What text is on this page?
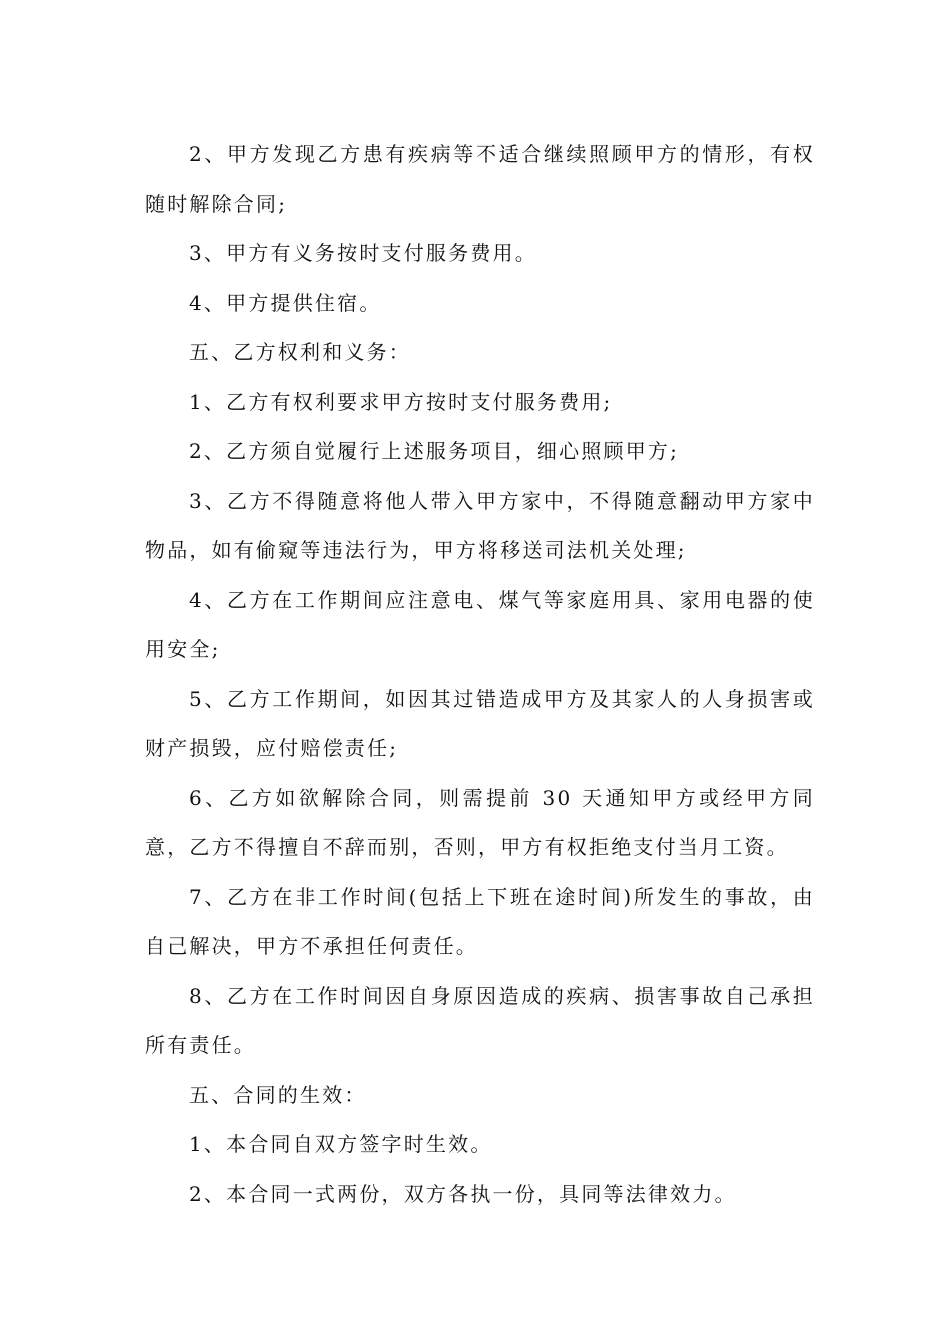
2、甲方发现乙方患有疾病等不适合继续照顾甲方的情形，有权随时解除合同;

3、甲方有义务按时支付服务费用。

4、甲方提供住宿。

五、乙方权利和义务：

1、乙方有权利要求甲方按时支付服务费用;

2、乙方须自觉履行上述服务项目，细心照顾甲方;

3、乙方不得随意将他人带入甲方家中，不得随意翻动甲方家中物品，如有偷窥等违法行为，甲方将移送司法机关处理;

4、乙方在工作期间应注意电、煤气等家庭用具、家用电器的使用安全;

5、乙方工作期间，如因其过错造成甲方及其家人的人身损害或财产损毁，应付赔偿责任;

6、乙方如欲解除合同，则需提前 30 天通知甲方或经甲方同意，乙方不得擅自不辞而别，否则，甲方有权拒绝支付当月工资。

7、乙方在非工作时间(包括上下班在途时间)所发生的事故，由自己解决，甲方不承担任何责任。

8、乙方在工作时间因自身原因造成的疾病、损害事故自己承担所有责任。

五、合同的生效：

1、本合同自双方签字时生效。

2、本合同一式两份，双方各执一份，具同等法律效力。
